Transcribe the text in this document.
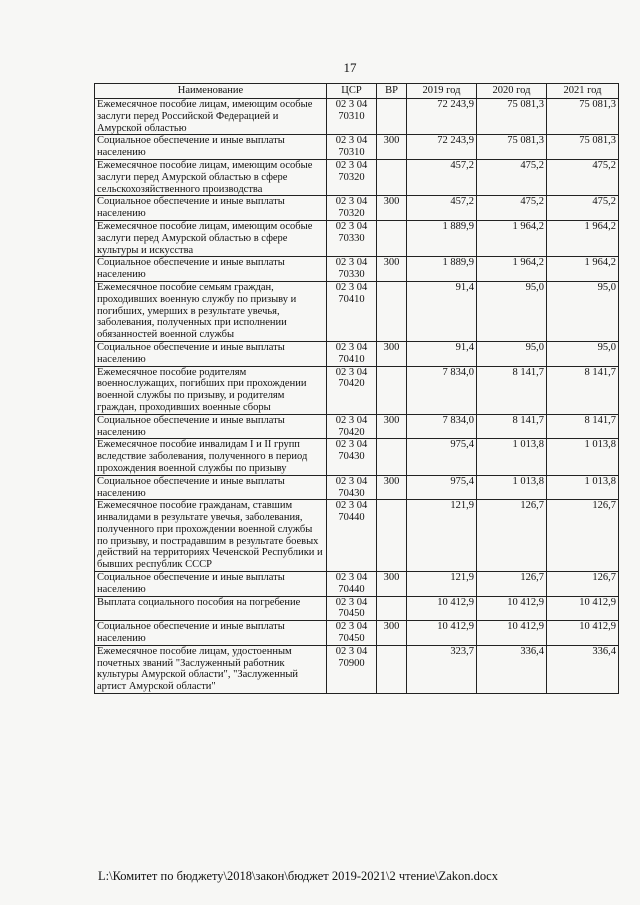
17
Наименование	ЦСР	ВР	2019 год	2020 год	2021 год
Ежемесячное пособие лицам, имеющим особые заслуги перед Российской Федерацией и Амурской областью	02 3 04 70310		72 243,9	75 081,3	75 081,3
Социальное обеспечение и иные выплаты населению	02 3 04 70310	300	72 243,9	75 081,3	75 081,3
Ежемесячное пособие лицам, имеющим особые заслуги перед Амурской областью в сфере сельскохозяйственного производства	02 3 04 70320		457,2	475,2	475,2
Социальное обеспечение и иные выплаты населению	02 3 04 70320	300	457,2	475,2	475,2
Ежемесячное пособие лицам, имеющим особые заслуги перед Амурской областью в сфере культуры и искусства	02 3 04 70330		1 889,9	1 964,2	1 964,2
Социальное обеспечение и иные выплаты населению	02 3 04 70330	300	1 889,9	1 964,2	1 964,2
Ежемесячное пособие семьям граждан, проходивших военную службу по призыву и погибших, умерших в результате увечья, заболевания, полученных при исполнении обязанностей военной службы	02 3 04 70410		91,4	95,0	95,0
Социальное обеспечение и иные выплаты населению	02 3 04 70410	300	91,4	95,0	95,0
Ежемесячное пособие родителям военнослужащих, погибших при прохождении военной службы по призыву, и родителям граждан, проходивших военные сборы	02 3 04 70420		7 834,0	8 141,7	8 141,7
Социальное обеспечение и иные выплаты населению	02 3 04 70420	300	7 834,0	8 141,7	8 141,7
Ежемесячное пособие инвалидам I и II групп вследствие заболевания, полученного в период прохождения военной службы по призыву	02 3 04 70430		975,4	1 013,8	1 013,8
Социальное обеспечение и иные выплаты населению	02 3 04 70430	300	975,4	1 013,8	1 013,8
Ежемесячное пособие гражданам, ставшим инвалидами в результате увечья, заболевания, полученного при прохождении военной службы по призыву, и пострадавшим в результате боевых действий на территориях Чеченской Республики и бывших республик СССР	02 3 04 70440		121,9	126,7	126,7
Социальное обеспечение и иные выплаты населению	02 3 04 70440	300	121,9	126,7	126,7
Выплата социального пособия на погребение	02 3 04 70450		10 412,9	10 412,9	10 412,9
Социальное обеспечение и иные выплаты населению	02 3 04 70450	300	10 412,9	10 412,9	10 412,9
Ежемесячное пособие лицам, удостоенным почетных званий "Заслуженный работник культуры Амурской области", "Заслуженный артист Амурской области"	02 3 04 70900		323,7	336,4	336,4
L:\Комитет по бюджету\2018\закон\бюджет 2019-2021\2 чтение\Zakon.docx
